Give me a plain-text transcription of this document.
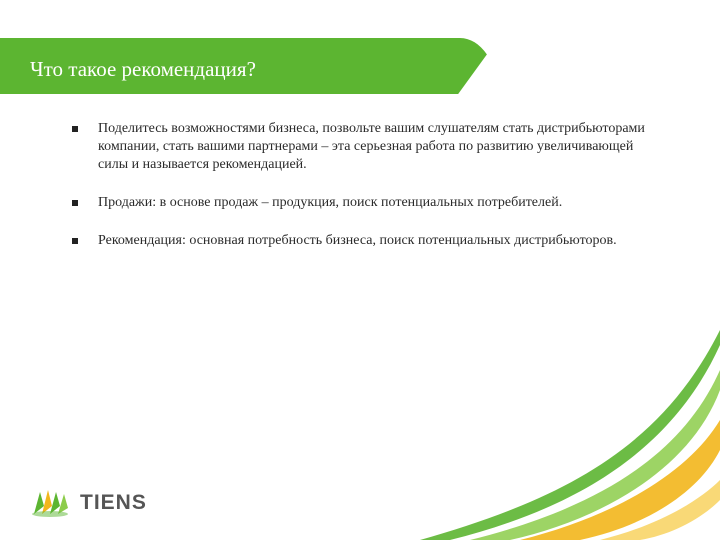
Что такое рекомендация?
Поделитесь возможностями бизнеса, позвольте вашим слушателям стать дистрибьюторами компании, стать вашими партнерами – эта серьезная работа по развитию увеличивающей силы и называется рекомендацией.
Продажи: в основе продаж – продукция, поиск потенциальных потребителей.
Рекомендация: основная потребность бизнеса, поиск потенциальных дистрибьюторов.
TIENS
